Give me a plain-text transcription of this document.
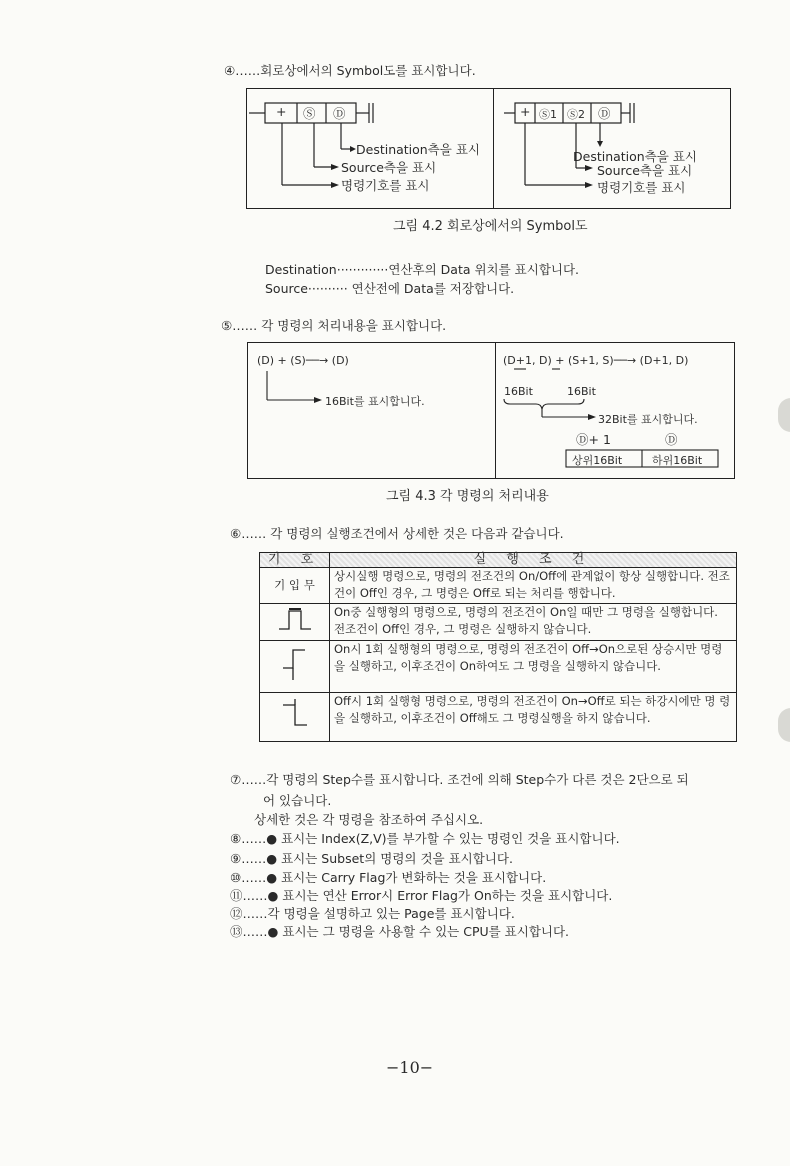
④……회로상에서의 Symbol도를 표시합니다.
+ Ⓢ Ⓓ
Destination측을 표시
Source측을 표시
명령기호를 표시
+ Ⓢ1 Ⓢ2 Ⓓ
Destination측을 표시
Source측을 표시
명령기호를 표시
그림 4.2 회로상에서의 Symbol도
Destination·············연산후의 Data 위치를 표시합니다.
Source·········· 연산전에 Data를 저장합니다.
⑤…… 각 명령의 처리내용을 표시합니다.
(D) + (S)──→ (D)
16Bit를 표시합니다.
(D+1, D) + (S+1, S)──→ (D+1, D)
16Bit	16Bit
32Bit를 표시합니다.
Ⓓ+ 1	Ⓓ
상위16Bit	하위16Bit
그림 4.3 각 명령의 처리내용
⑥…… 각 명령의 실행조건에서 상세한 것은 다음과 같습니다.
기 호	실 행 조 건
기 입 무	상시실행 명령으로, 명령의 전조건의 On/Off에 관계없이 항상 실행합니다. 전조건이 Off인 경우, 그 명령은 Off로 되는 처리를 행합니다.
	On중 실행형의 명령으로, 명령의 전조건이 On일 때만 그 명령을 실행합니다. 전조건이 Off인 경우, 그 명령은 실행하지 않습니다.
	On시 1회 실행형의 명령으로, 명령의 전조건이 Off→On으로된 상승시만 명령을 실행하고, 이후조건이 On하여도 그 명령을 실행하지 않습니다.
	Off시 1회 실행형 명령으로, 명령의 전조건이 On→Off로 되는 하강시에만 명 령을 실행하고, 이후조건이 Off해도 그 명령실행을 하지 않습니다.
⑦……각 명령의 Step수를 표시합니다. 조건에 의해 Step수가 다른 것은 2단으로 되
어 있습니다.
상세한 것은 각 명령을 참조하여 주십시오.
⑧……● 표시는 Index(Z,V)를 부가할 수 있는 명령인 것을 표시합니다.
⑨……● 표시는 Subset의 명령의 것을 표시합니다.
⑩……● 표시는 Carry Flag가 변화하는 것을 표시합니다.
⑪……● 표시는 연산 Error시 Error Flag가 On하는 것을 표시합니다.
⑫……각 명령을 설명하고 있는 Page를 표시합니다.
⑬……● 표시는 그 명령을 사용할 수 있는 CPU를 표시합니다.
−10−
